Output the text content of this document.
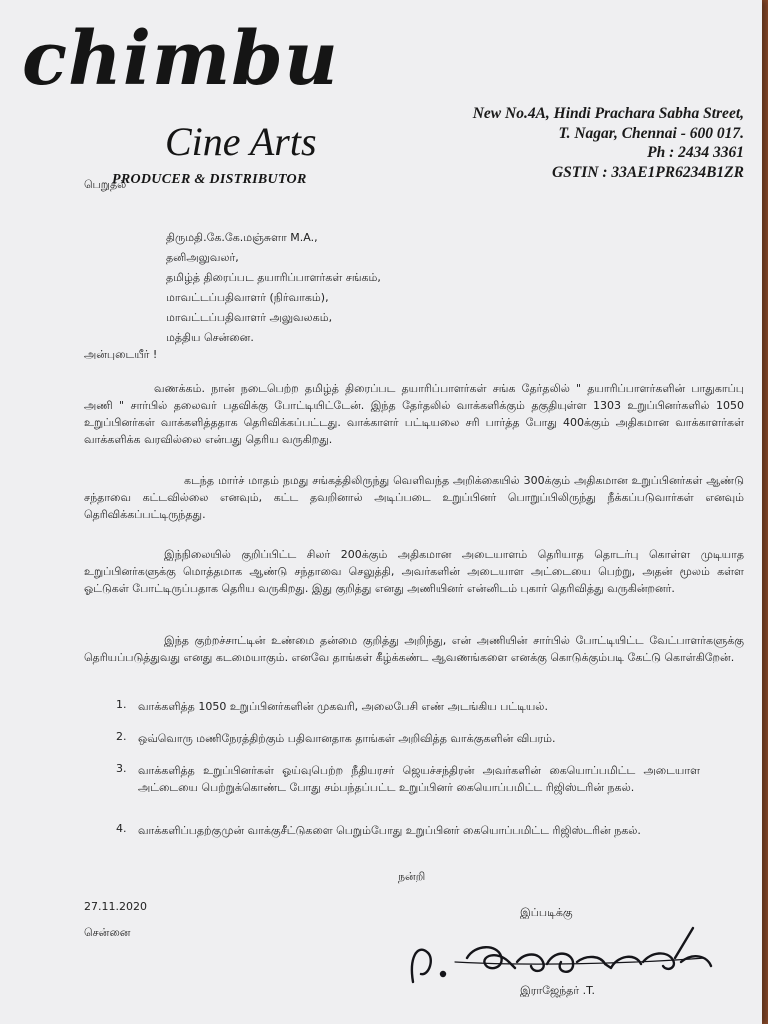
chimbu
Cine Arts
PRODUCER & DISTRIBUTOR
New No.4A, Hindi Prachara Sabha Street,
T. Nagar, Chennai - 600 017.
Ph : 2434 3361
GSTIN : 33AE1PR6234B1ZR
பெறுதல்
திருமதி.கே.கே.மஞ்சுளா M.A.,
தனிஅலுவலர்,
தமிழ்த் திரைப்பட தயாரிப்பாளர்கள் சங்கம்,
மாவட்டப்பதிவாளர் (நிர்வாகம்),
மாவட்டப்பதிவாளர் அலுவலகம்,
மத்திய சென்னை.
அன்புடையீர் !
வணக்கம். நான் நடைபெற்ற தமிழ்த் திரைப்பட தயாரிப்பாளர்கள் சங்க தேர்தலில் " தயாரிப்பாளர்களின் பாதுகாப்பு அணி " சார்பில் தலைவர் பதவிக்கு போட்டியிட்டேன். இந்த தேர்தலில் வாக்களிக்கும் தகுதியுள்ள 1303 உறுப்பினர்களில் 1050 உறுப்பினர்கள் வாக்களித்ததாக தெரிவிக்கப்பட்டது. வாக்காளர் பட்டியலை சரி பார்த்த போது 400க்கும் அதிகமான வாக்காளர்கள் வாக்களிக்க வரவில்லை என்பது தெரிய வருகிறது.
கடந்த மார்ச் மாதம் நமது சங்கத்திலிருந்து வெளிவந்த அறிக்கையில் 300க்கும் அதிகமான உறுப்பினர்கள் ஆண்டு சந்தாவை கட்டவில்லை எனவும், கட்ட தவறினால் அடிப்படை உறுப்பினர் பொறுப்பிலிருந்து நீக்கப்படுவார்கள் எனவும் தெரிவிக்கப்பட்டிருந்தது.
இந்நிலையில் குறிப்பிட்ட சிலர் 200க்கும் அதிகமான அடையாளம் தெரியாத தொடர்பு கொள்ள முடியாத உறுப்பினர்களுக்கு மொத்தமாக ஆண்டு சந்தாவை செலுத்தி, அவர்களின் அடையாள அட்டையை பெற்று, அதன் மூலம் கள்ள ஓட்டுகள் போட்டிருப்பதாக தெரிய வருகிறது. இது குறித்து எனது அணியினர் என்னிடம் புகார் தெரிவித்து வருகின்றனர்.
இந்த குற்றச்சாட்டின் உண்மை தன்மை குறித்து அறிந்து, என் அணியின் சார்பில் போட்டியிட்ட வேட்பாளர்களுக்கு தெரியப்படுத்துவது எனது கடமையாகும். எனவே தாங்கள் கீழ்க்கண்ட ஆவணங்களை எனக்கு கொடுக்கும்படி கேட்டு கொள்கிறேன்.
1. வாக்களித்த 1050 உறுப்பினர்களின் முகவரி, அலைபேசி எண் அடங்கிய பட்டியல்.
2. ஒவ்வொரு மணிநேரத்திற்கும் பதிவானதாக தாங்கள் அறிவித்த வாக்குகளின் விபரம்.
3. வாக்களித்த உறுப்பினர்கள் ஓய்வுபெற்ற நீதியரசர் ஜெயச்சந்திரன் அவர்களின் கையொப்பமிட்ட அடையாள அட்டையை பெற்றுக்கொண்ட போது சம்பந்தப்பட்ட உறுப்பினர் கையொப்பமிட்ட ரிஜிஸ்டரின் நகல்.
4. வாக்களிப்பதற்குமுன் வாக்குசீட்டுகளை பெறும்போது உறுப்பினர் கையொப்பமிட்ட ரிஜிஸ்டரின் நகல்.
நன்றி
27.11.2020	இப்படிக்கு
சென்னை
இராஜேந்தர் .T.
